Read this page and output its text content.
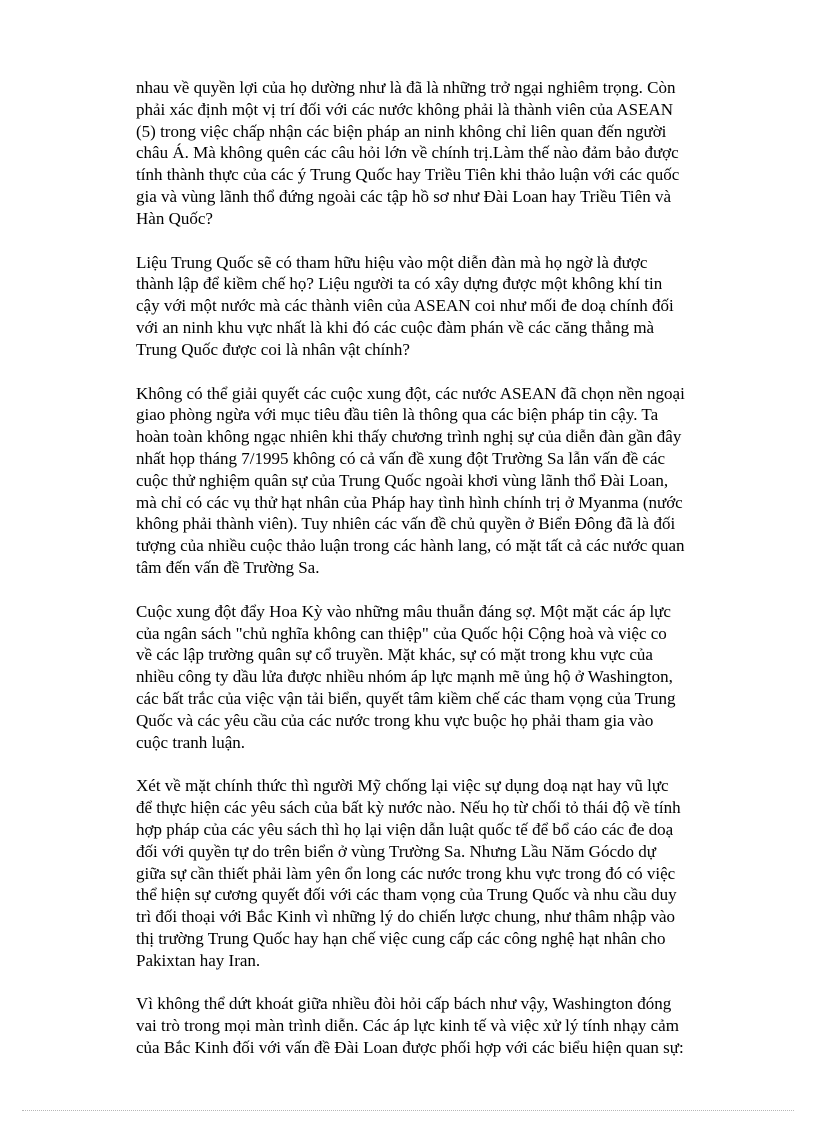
nhau về quyền lợi của họ dường như là đã là những trở ngại nghiêm trọng. Còn
phải xác định một vị trí đối với các nước không phải là thành viên của ASEAN
(5) trong việc chấp nhận các biện pháp an ninh không chỉ liên quan đến người
châu Á. Mà không quên các câu hỏi lớn về chính trị.Làm thế nào đảm bảo được
tính thành thực của các ý Trung Quốc hay Triều Tiên khi thảo luận với các quốc
gia và vùng lãnh thổ đứng ngoài các tập hồ sơ như Đài Loan hay Triều Tiên và
Hàn Quốc?

Liệu Trung Quốc sẽ có tham hữu hiệu vào một diễn đàn mà họ ngờ là được
thành lập để kiềm chế họ? Liệu người ta có xây dựng được một không khí tin
cậy với một nước mà các thành viên của ASEAN coi như mối đe doạ chính đối
với an ninh khu vực nhất là khi đó các cuộc đàm phán về các căng thẳng mà
Trung Quốc được coi là nhân vật chính?

Không có thể giải quyết các cuộc xung đột, các nước ASEAN đã chọn nền ngoại
giao phòng ngừa với mục tiêu đầu tiên là thông qua các biện pháp tin cậy. Ta
hoàn toàn không ngạc nhiên khi thấy chương trình nghị sự của diễn đàn gần đây
nhất họp tháng 7/1995 không có cả vấn đề xung đột Trường Sa lẫn vấn đề các
cuộc thử nghiệm quân sự của Trung Quốc ngoài khơi vùng lãnh thổ Đài Loan,
mà chỉ có các vụ thử hạt nhân của Pháp hay tình hình chính trị ở Myanma (nước
không phải thành viên). Tuy nhiên các vấn đề chủ quyền ở Biển Đông đã là đối
tượng của nhiều cuộc thảo luận trong các hành lang, có mặt tất cả các nước quan
tâm đến vấn đề Trường Sa.

Cuộc xung đột đẩy Hoa Kỳ vào những mâu thuẫn đáng sợ. Một mặt các áp lực
của ngân sách "chủ nghĩa không can thiệp" của Quốc hội Cộng hoà và việc co
về các lập trường quân sự cổ truyền. Mặt khác, sự có mặt trong khu vực của
nhiều công ty dầu lửa được nhiều nhóm áp lực mạnh mẽ ủng hộ ở Washington,
các bất trắc của việc vận tải biển, quyết tâm kiềm chế các tham vọng của Trung
Quốc và các yêu cầu của các nước trong khu vực buộc họ phải tham gia vào
cuộc tranh luận.

Xét về mặt chính thức thì người Mỹ chống lại việc sự dụng doạ nạt hay vũ lực
để thực hiện các yêu sách của bất kỳ nước nào. Nếu họ từ chối tỏ thái độ về tính
hợp pháp của các yêu sách thì họ lại viện dẫn luật quốc tế để bổ cáo các đe doạ
đối với quyền tự do trên biển ở vùng Trường Sa. Nhưng Lầu Năm Gócdo dự
giữa sự cần thiết phải làm yên ổn long các nước trong khu vực trong đó có việc
thể hiện sự cương quyết đối với các tham vọng của Trung Quốc và nhu cầu duy
trì đối thoại với Bắc Kinh vì những lý do chiến lược chung, như thâm nhập vào
thị trường Trung Quốc hay hạn chế việc cung cấp các công nghệ hạt nhân cho
Pakixtan hay Iran.

Vì không thể dứt khoát giữa nhiều đòi hỏi cấp bách như vậy, Washington đóng
vai trò trong mọi màn trình diễn. Các áp lực kinh tế và việc xử lý tính nhạy cảm
của Bắc Kinh đối với vấn đề Đài Loan được phối hợp với các biểu hiện quan sự:
